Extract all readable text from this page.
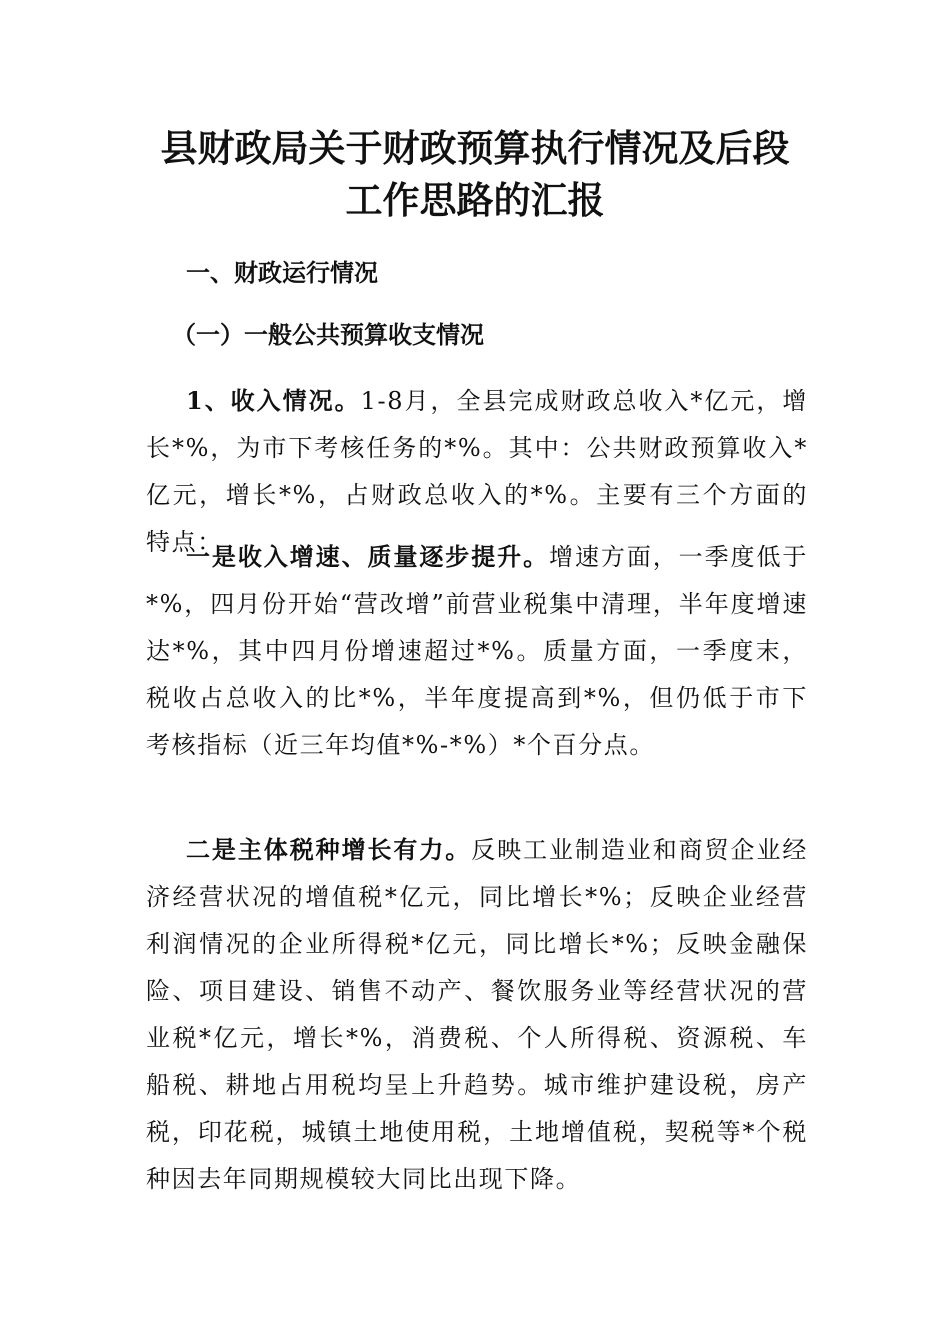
县财政局关于财政预算执行情况及后段工作思路的汇报
一、财政运行情况
（一）一般公共预算收支情况

1、收入情况。1-8月，全县完成财政总收入*亿元，增长*%，为市下考核任务的*%。其中：公共财政预算收入*亿元，增长*%，占财政总收入的*%。主要有三个方面的特点：

一是收入增速、质量逐步提升。增速方面，一季度低于*%，四月份开始“营改增”前营业税集中清理，半年度增速达*%，其中四月份增速超过*%。质量方面，一季度末，税收占总收入的比*%，半年度提高到*%，但仍低于市下考核指标（近三年均值*%-*%）*个百分点。

二是主体税种增长有力。反映工业制造业和商贸企业经济经营状况的增值税*亿元，同比增长*%；反映企业经营利润情况的企业所得税*亿元，同比增长*%；反映金融保险、项目建设、销售不动产、餐饮服务业等经营状况的营业税*亿元，增长*%，消费税、个人所得税、资源税、车船税、耕地占用税均呈上升趋势。城市维护建设税，房产税，印花税，城镇土地使用税，土地增值税，契税等*个税种因去年同期规模较大同比出现下降。
